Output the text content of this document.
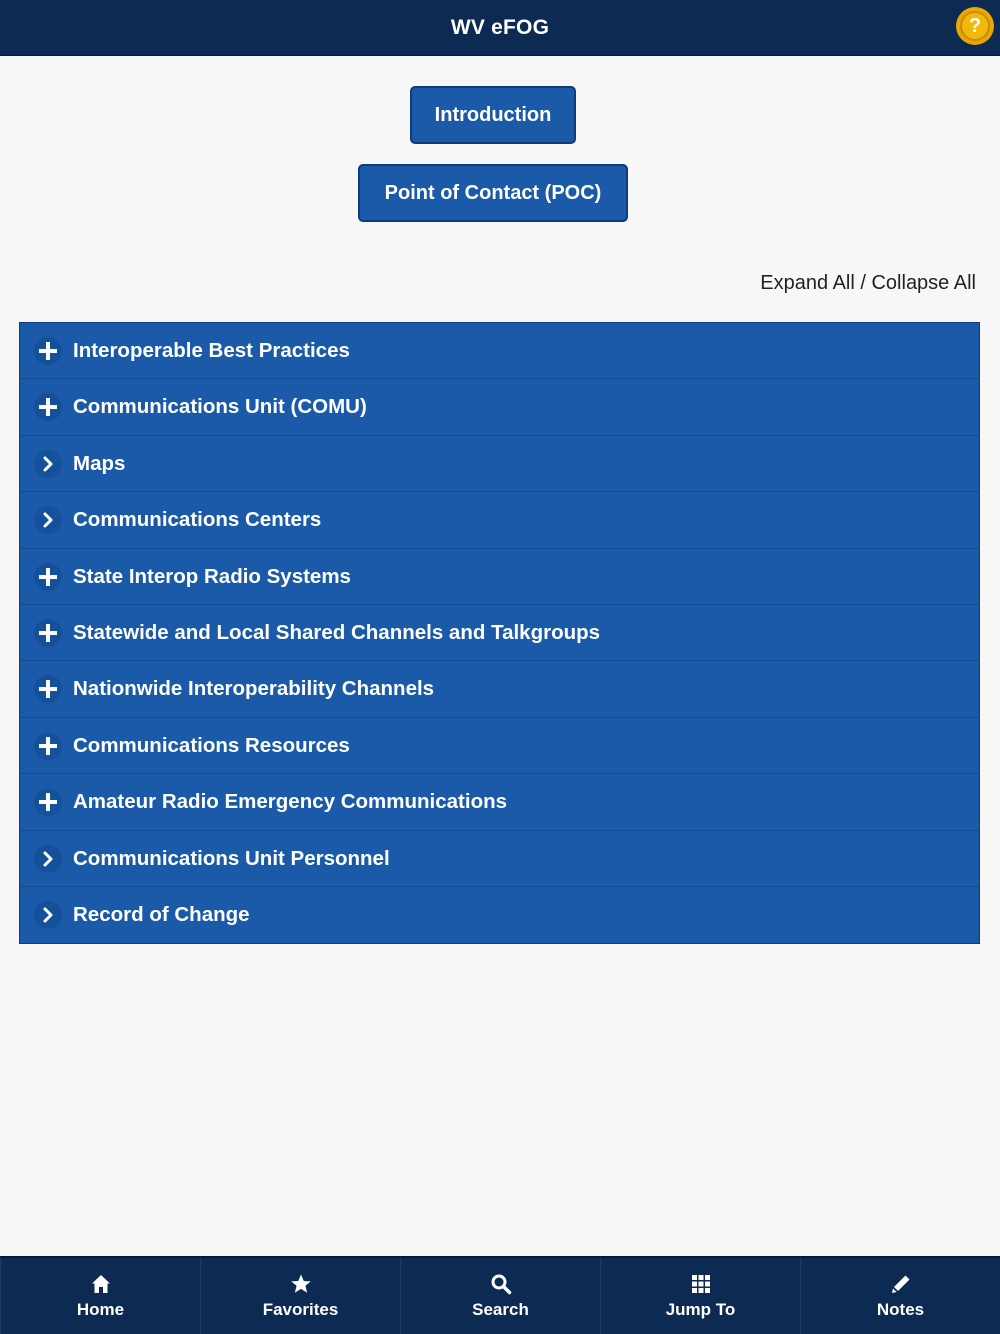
WV eFOG	?
Introduction
Point of Contact (POC)
Expand All / Collapse All
Interoperable Best Practices
Communications Unit (COMU)
Maps
Communications Centers
State Interop Radio Systems
Statewide and Local Shared Channels and Talkgroups
Nationwide Interoperability Channels
Communications Resources
Amateur Radio Emergency Communications
Communications Unit Personnel
Record of Change
Home	Favorites	Search	Jump To	Notes
